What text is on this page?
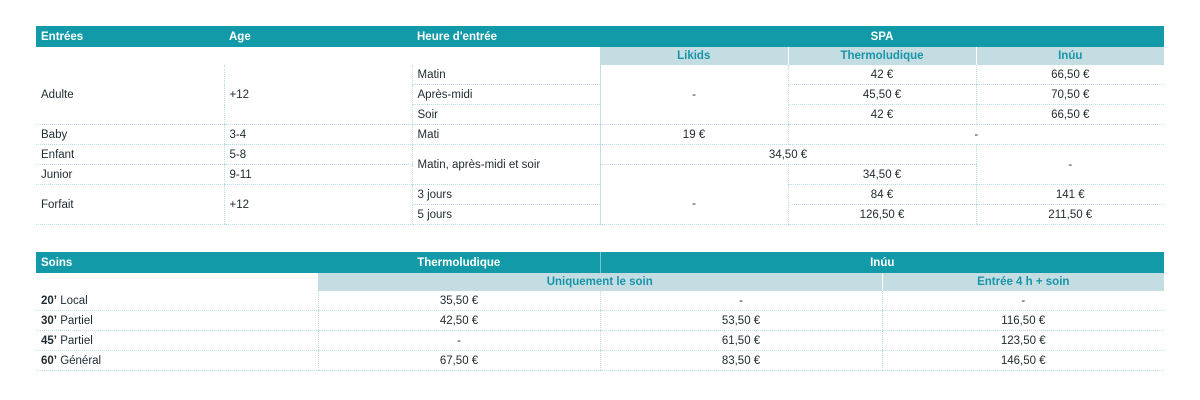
Entrées	Age	Heure d'entrée	SPA		
			Likids	Thermoludique	Inúu
Adulte	+12	Matin	-	42 €	66,50 €
		Après-midi		45,50 €	70,50 €
		Soir		42 €	66,50 €
Baby	3-4	Mati	19 €	-	
Enfant	5-8	Matin, après-midi et soir	34,50 €		-
Junior	9-11			34,50 €	
Forfait	+12	3 jours	-	84 €	141 €
		5 jours		126,50 €	211,50 €
Soins	Thermoludique	Inúu	
	Uniquement le soin		Entrée 4 h + soin
20’ Local	35,50 €	-	-
30’ Partiel	42,50 €	53,50 €	116,50 €
45’ Partiel	-	61,50 €	123,50 €
60’ Général	67,50 €	83,50 €	146,50 €
